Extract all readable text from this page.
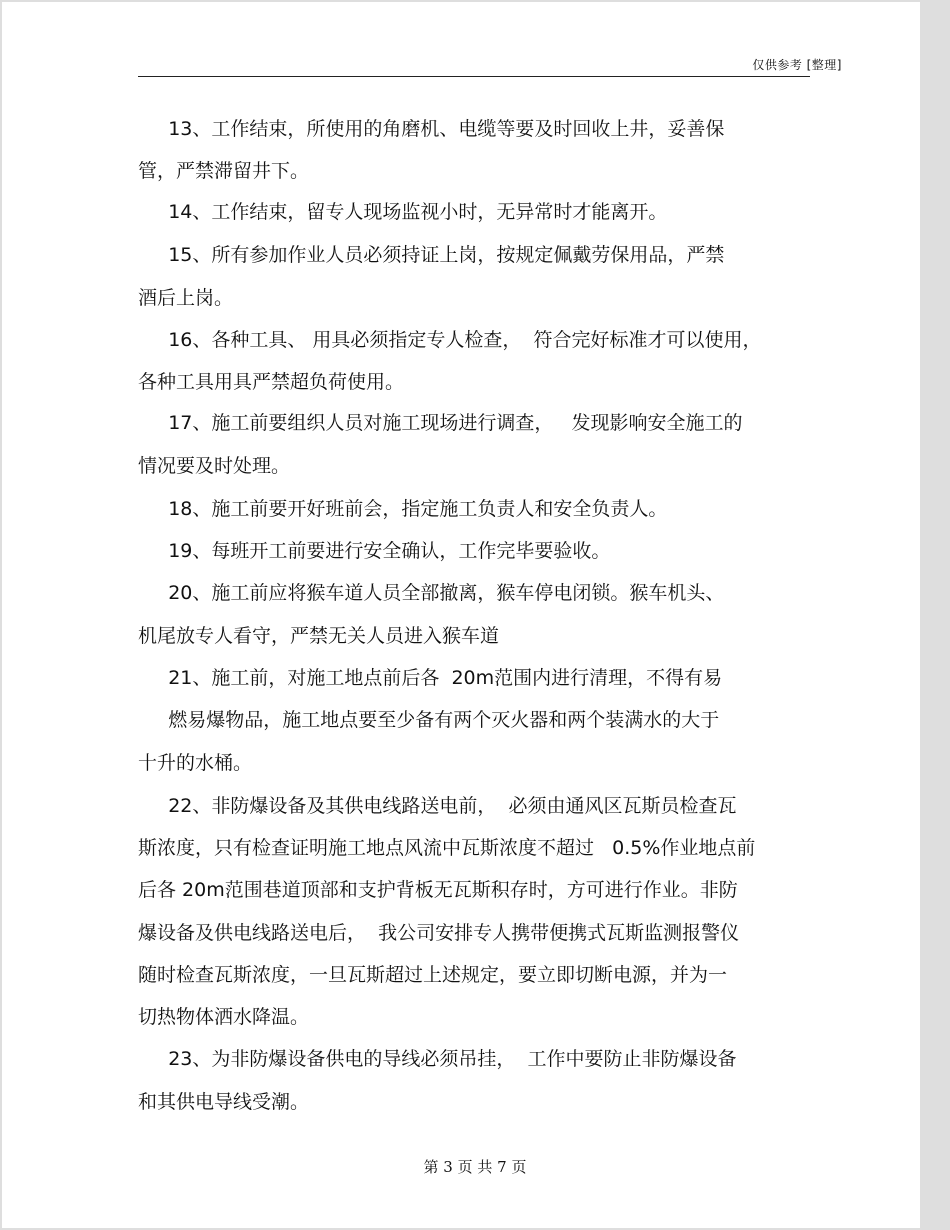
仅供参考 [整理]
13、工作结束，所使用的角磨机、电缆等要及时回收上井，妥善保
管，严禁滞留井下。
14、工作结束，留专人现场监视小时，无异常时才能离开。
15、所有参加作业人员必须持证上岗，按规定佩戴劳保用品，严禁
酒后上岗。
16、各种工具、 用具必须指定专人检查，  符合完好标准才可以使用，
各种工具用具严禁超负荷使用。
17、施工前要组织人员对施工现场进行调查，   发现影响安全施工的
情况要及时处理。
18、施工前要开好班前会，指定施工负责人和安全负责人。
19、每班开工前要进行安全确认，工作完毕要验收。
20、施工前应将猴车道人员全部撤离，猴车停电闭锁。猴车机头、
机尾放专人看守，严禁无关人员进入猴车道
21、施工前，对施工地点前后各  20m范围内进行清理，不得有易
燃易爆物品，施工地点要至少备有两个灭火器和两个装满水的大于
十升的水桶。
22、非防爆设备及其供电线路送电前，  必须由通风区瓦斯员检查瓦
斯浓度，只有检查证明施工地点风流中瓦斯浓度不超过   0.5%作业地点前
后各 20m范围巷道顶部和支护背板无瓦斯积存时，方可进行作业。非防
爆设备及供电线路送电后，  我公司安排专人携带便携式瓦斯监测报警仪
随时检查瓦斯浓度，一旦瓦斯超过上述规定，要立即切断电源，并为一
切热物体洒水降温。
23、为非防爆设备供电的导线必须吊挂，  工作中要防止非防爆设备
和其供电导线受潮。
第 3 页 共 7 页
